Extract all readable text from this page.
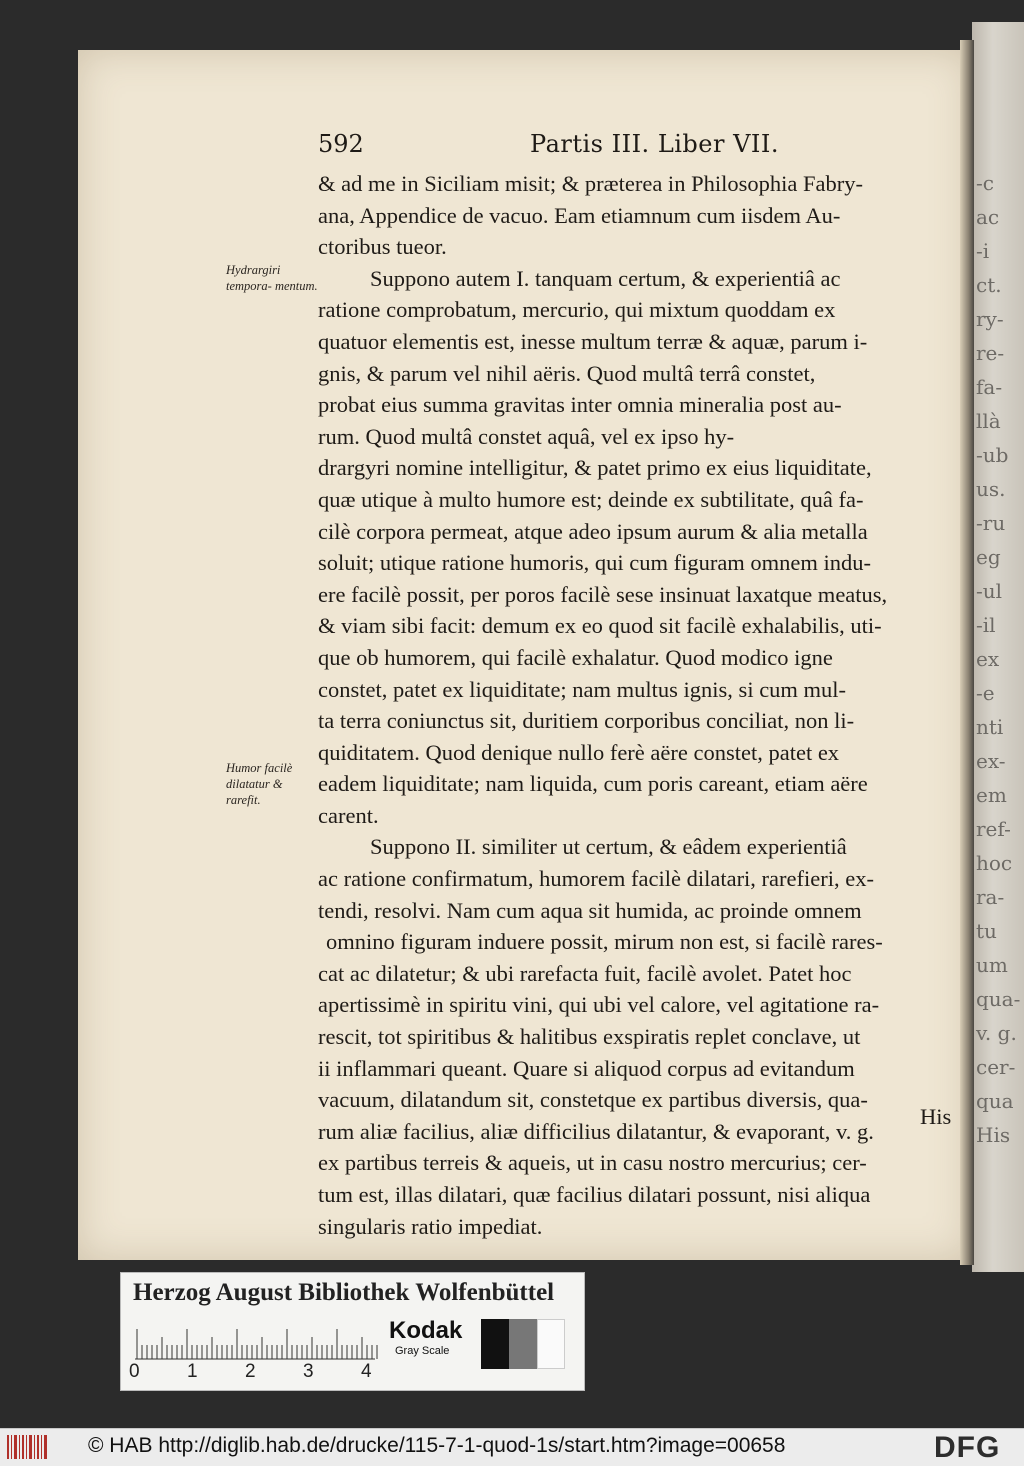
-c
ac
-i
ct.
ry-
re-
fa-
llà
-ub
us.
-ru
eg
-ul
-il
ex
-e
nti
ex-
em
ref-
hoc
ra-
tu
um
qua-
v. g.
cer-
qua
His
592	Partis III. Liber VII.
Hydrargiri tempora- mentum.
Humor facilè dilatatur & rarefit.
& ad me in Siciliam misit; & præterea in Philosophia Fabry-
ana, Appendice de vacuo. Eam etiamnum cum iisdem Au-
ctoribus tueor.
Suppono autem I. tanquam certum, & experientiâ ac
ratione comprobatum, mercurio, qui mixtum quoddam ex
quatuor elementis est, inesse multum terræ & aquæ, parum i-
gnis, & parum vel nihil aëris. Quod multâ terrâ constet,
probat eius summa gravitas inter omnia mineralia post au-
rum. Quod multâ constet aquâ, vel ex ipso hy-
drargyri nomine intelligitur, & patet primo ex eius liquiditate,
quæ utique à multo humore est; deinde ex subtilitate, quâ fa-
cilè corpora permeat, atque adeo ipsum aurum & alia metalla
soluit; utique ratione humoris, qui cum figuram omnem indu-
ere facilè possit, per poros facilè sese insinuat laxatque meatus,
& viam sibi facit: demum ex eo quod sit facilè exhalabilis, uti-
que ob humorem, qui facilè exhalatur. Quod modico igne
constet, patet ex liquiditate; nam multus ignis, si cum mul-
ta terra coniunctus sit, duritiem corporibus conciliat, non li-
quiditatem. Quod denique nullo ferè aëre constet, patet ex
eadem liquiditate; nam liquida, cum poris careant, etiam aëre
carent.
Suppono II. similiter ut certum, & eâdem experientiâ
ac ratione confirmatum, humorem facilè dilatari, rarefieri, ex-
tendi, resolvi. Nam cum aqua sit humida, ac proinde omnem
omnino figuram induere possit, mirum non est, si facilè rares-
cat ac dilatetur; & ubi rarefacta fuit, facilè avolet. Patet hoc
apertissimè in spiritu vini, qui ubi vel calore, vel agitatione ra-
rescit, tot spiritibus & halitibus exspiratis replet conclave, ut
ii inflammari queant. Quare si aliquod corpus ad evitandum
vacuum, dilatandum sit, constetque ex partibus diversis, qua-
rum aliæ facilius, aliæ difficilius dilatantur, & evaporant, v. g.
ex partibus terreis & aqueis, ut in casu nostro mercurius; cer-
tum est, illas dilatari, quæ facilius dilatari possunt, nisi aliqua
singularis ratio impediat.
His
Herzog August Bibliothek Wolfenbüttel
0 1 2 3 4
Kodak
Gray Scale
© HAB http://diglib.hab.de/drucke/115-7-1-quod-1s/start.htm?image=00658	DFG
